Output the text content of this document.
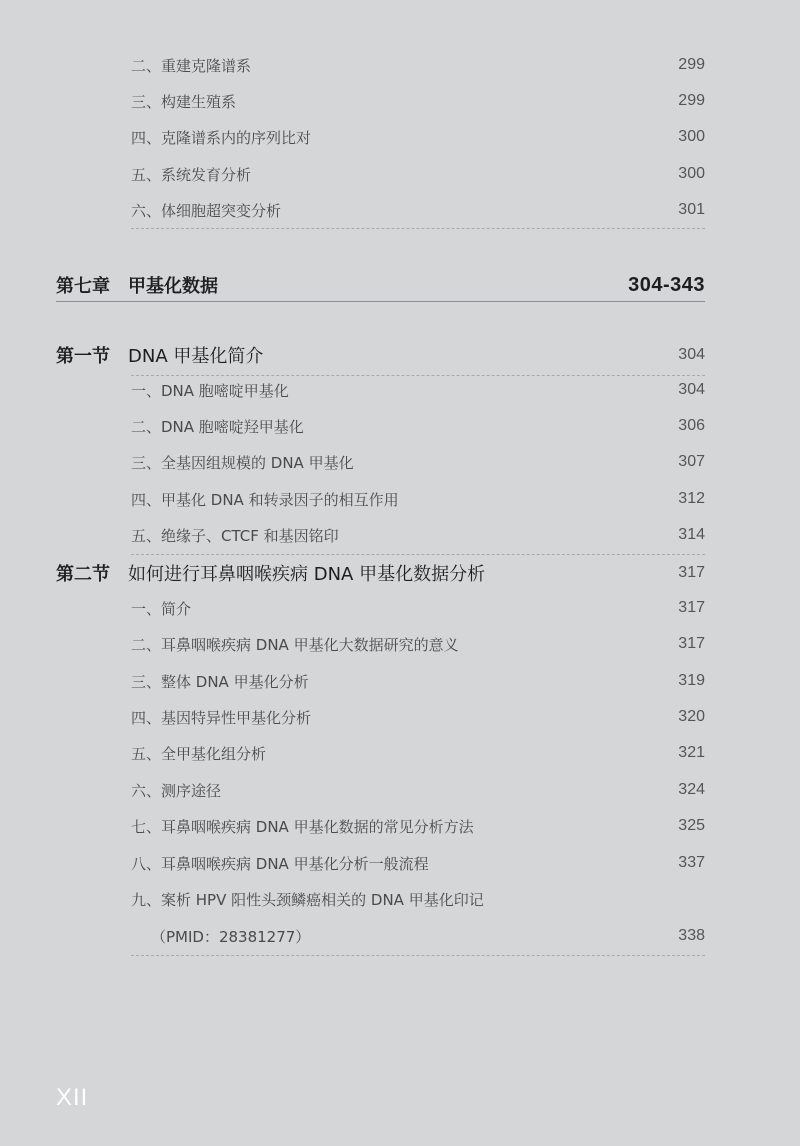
二、重建克隆谱系	299
三、构建生殖系	299
四、克隆谱系内的序列比对	300
五、系统发育分析	300
六、体细胞超突变分析	301
第七章 甲基化数据	304-343
第一节 DNA 甲基化简介	304
一、DNA 胞嘧啶甲基化	304
二、DNA 胞嘧啶羟甲基化	306
三、全基因组规模的 DNA 甲基化	307
四、甲基化 DNA 和转录因子的相互作用	312
五、绝缘子、CTCF 和基因铭印	314
第二节 如何进行耳鼻咽喉疾病 DNA 甲基化数据分析	317
一、简介	317
二、耳鼻咽喉疾病 DNA 甲基化大数据研究的意义	317
三、整体 DNA 甲基化分析	319
四、基因特异性甲基化分析	320
五、全甲基化组分析	321
六、测序途径	324
七、耳鼻咽喉疾病 DNA 甲基化数据的常见分析方法	325
八、耳鼻咽喉疾病 DNA 甲基化分析一般流程	337
九、案析 HPV 阳性头颈鳞癌相关的 DNA 甲基化印记
（PMID：28381277）	338
XII
